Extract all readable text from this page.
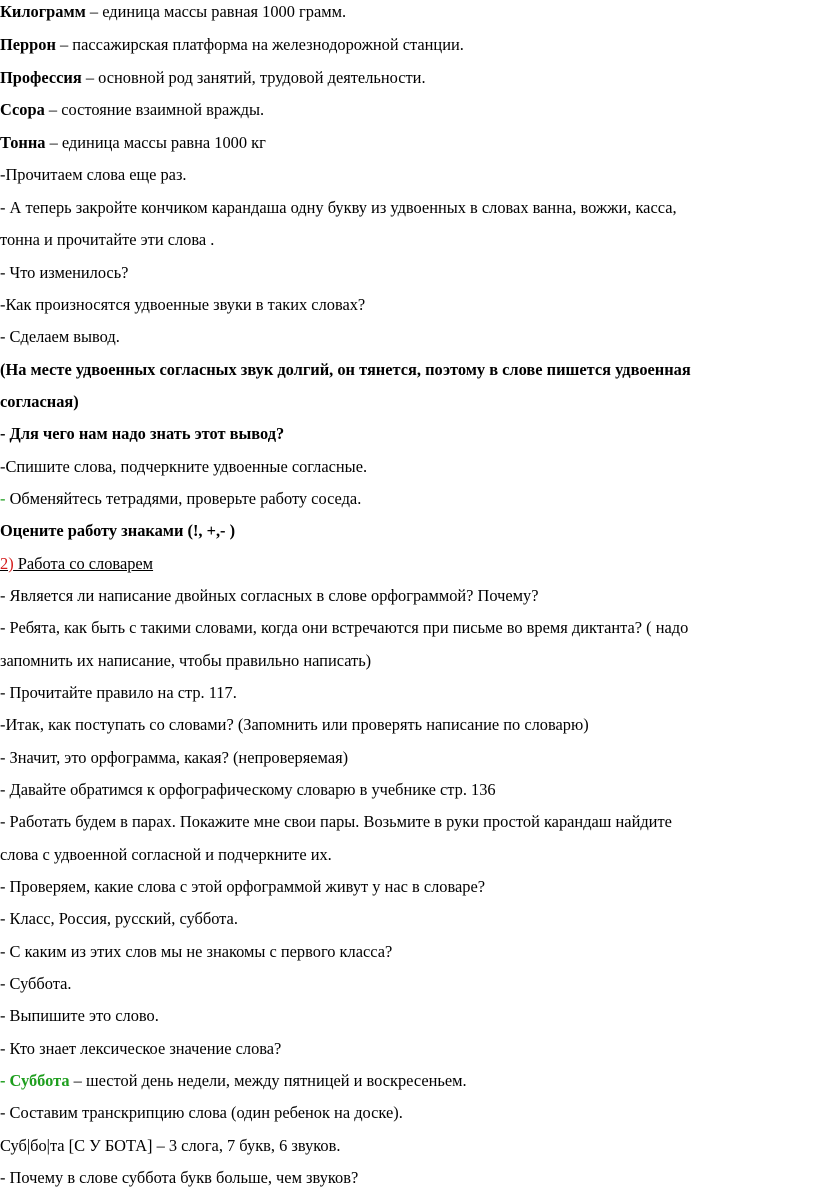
Килограмм – единица массы равная 1000 грамм.
Перрон – пассажирская платформа на железнодорожной станции.
Профессия – основной род занятий, трудовой деятельности.
Ссора – состояние взаимной вражды.
Тонна – единица массы равна 1000 кг
-Прочитаем слова еще раз.
- А теперь закройте кончиком карандаша одну букву из удвоенных в словах ванна, вожжи, касса,
тонна и прочитайте эти слова .
- Что изменилось?
-Как произносятся удвоенные звуки в таких словах?
- Сделаем вывод.
(На месте удвоенных согласных звук долгий, он тянется, поэтому в слове пишется удвоенная
согласная)
- Для чего нам надо знать этот вывод?
-Спишите слова, подчеркните удвоенные согласные.
- Обменяйтесь тетрадями, проверьте работу соседа.
Оцените работу знаками (!, +,- )
2) Работа со словарем
- Является ли написание двойных согласных в слове орфограммой? Почему?
- Ребята, как быть с такими словами, когда они встречаются при письме во время диктанта? ( надо
запомнить их написание, чтобы правильно написать)
- Прочитайте правило на стр. 117.
-Итак, как поступать со словами? (Запомнить или проверять написание по словарю)
- Значит, это орфограмма, какая? (непроверяемая)
- Давайте обратимся к орфографическому словарю в учебнике стр. 136
- Работать будем в парах. Покажите мне свои пары. Возьмите в руки простой карандаш найдите
слова с удвоенной согласной и подчеркните их.
- Проверяем, какие слова с этой орфограммой живут у нас в словаре?
- Класс, Россия, русский, суббота.
- С каким из этих слов мы не знакомы с первого класса?
- Суббота.
- Выпишите это слово.
- Кто знает лексическое значение слова?
- Суббота – шестой день недели, между пятницей и воскресеньем.
- Составим транскрипцию слова (один ребенок на доске).
Суб|бо|та [С У БОТА] – 3 слога, 7 букв, 6 звуков.
- Почему в слове суббота букв больше, чем звуков?
